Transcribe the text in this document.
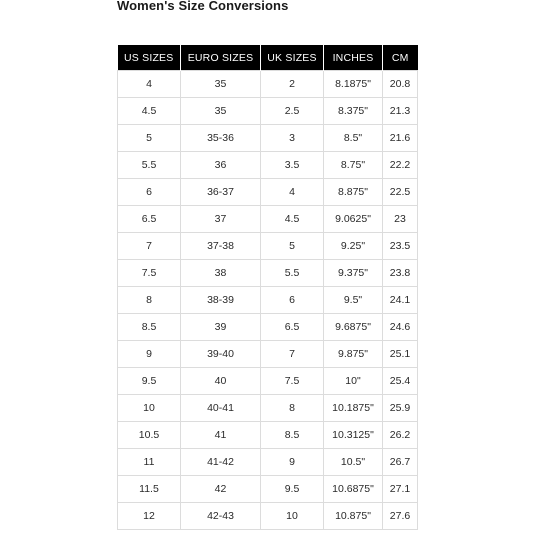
Women's Size Conversions
US SIZES	EURO SIZES	UK SIZES	INCHES	CM
4	35	2	8.1875"	20.8
4.5	35	2.5	8.375"	21.3
5	35-36	3	8.5"	21.6
5.5	36	3.5	8.75"	22.2
6	36-37	4	8.875"	22.5
6.5	37	4.5	9.0625"	23
7	37-38	5	9.25"	23.5
7.5	38	5.5	9.375"	23.8
8	38-39	6	9.5"	24.1
8.5	39	6.5	9.6875"	24.6
9	39-40	7	9.875"	25.1
9.5	40	7.5	10"	25.4
10	40-41	8	10.1875"	25.9
10.5	41	8.5	10.3125"	26.2
11	41-42	9	10.5"	26.7
11.5	42	9.5	10.6875"	27.1
12	42-43	10	10.875"	27.6
